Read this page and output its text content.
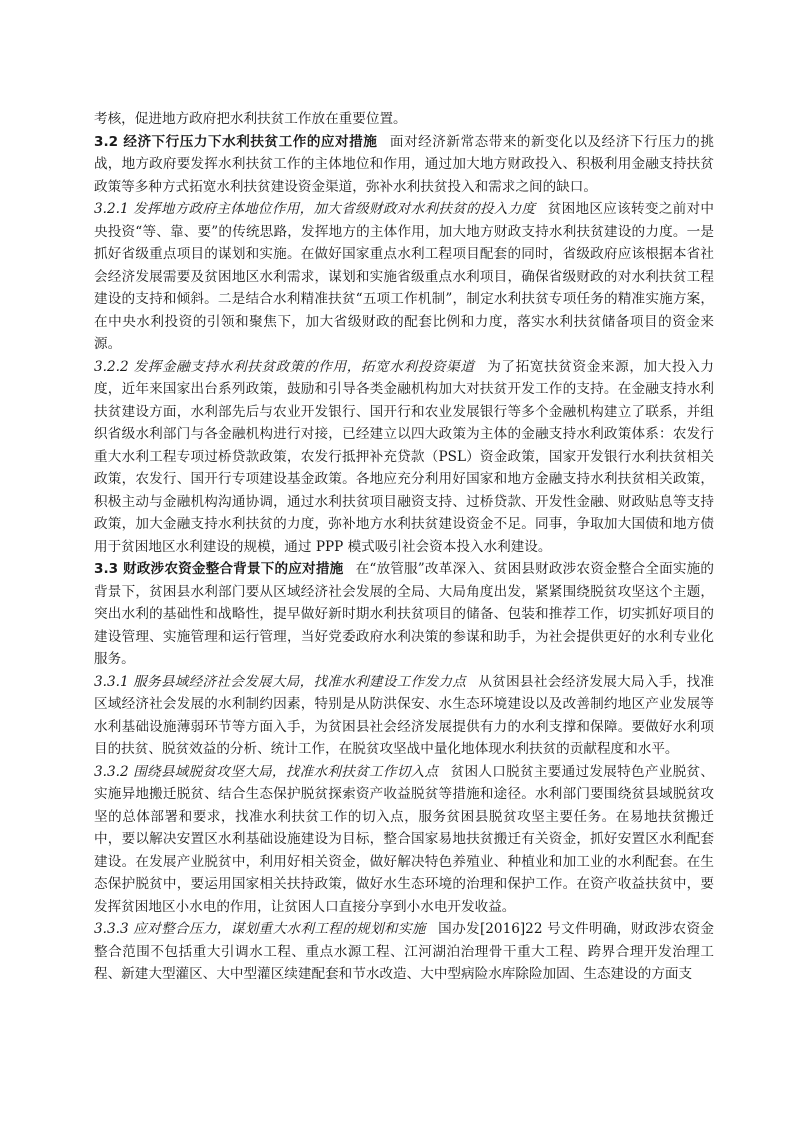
考核，促进地方政府把水利扶贫工作放在重要位置。

3.2 经济下行压力下水利扶贫工作的应对措施 面对经济新常态带来的新变化以及经济下行压力的挑战，地方政府要发挥水利扶贫工作的主体地位和作用，通过加大地方财政投入、积极利用金融支持扶贫政策等多种方式拓宽水利扶贫建设资金渠道，弥补水利扶贫投入和需求之间的缺口。

3.2.1 发挥地方政府主体地位作用，加大省级财政对水利扶贫的投入力度 贫困地区应该转变之前对中央投资“等、靠、要”的传统思路，发挥地方的主体作用，加大地方财政支持水利扶贫建设的力度。一是抓好省级重点项目的谋划和实施。在做好国家重点水利工程项目配套的同时，省级政府应该根据本省社会经济发展需要及贫困地区水利需求，谋划和实施省级重点水利项目，确保省级财政的对水利扶贫工程建设的支持和倾斜。二是结合水利精准扶贫“五项工作机制”，制定水利扶贫专项任务的精准实施方案，在中央水利投资的引领和聚焦下，加大省级财政的配套比例和力度，落实水利扶贫储备项目的资金来源。

3.2.2 发挥金融支持水利扶贫政策的作用，拓宽水利投资渠道 为了拓宽扶贫资金来源，加大投入力度，近年来国家出台系列政策，鼓励和引导各类金融机构加大对扶贫开发工作的支持。在金融支持水利扶贫建设方面，水利部先后与农业开发银行、国开行和农业发展银行等多个金融机构建立了联系，并组织省级水利部门与各金融机构进行对接，已经建立以四大政策为主体的金融支持水利政策体系：农发行重大水利工程专项过桥贷款政策，农发行抵押补充贷款（PSL）资金政策，国家开发银行水利扶贫相关政策，农发行、国开行专项建设基金政策。各地应充分利用好国家和地方金融支持水利扶贫相关政策，积极主动与金融机构沟通协调，通过水利扶贫项目融资支持、过桥贷款、开发性金融、财政贴息等支持政策，加大金融支持水利扶贫的力度，弥补地方水利扶贫建设资金不足。同事，争取加大国债和地方债用于贫困地区水利建设的规模，通过 PPP 模式吸引社会资本投入水利建设。

3.3 财政涉农资金整合背景下的应对措施 在“放管服”改革深入、贫困县财政涉农资金整合全面实施的背景下，贫困县水利部门要从区域经济社会发展的全局、大局角度出发，紧紧围绕脱贫攻坚这个主题，突出水利的基础性和战略性，提早做好新时期水利扶贫项目的储备、包装和推荐工作，切实抓好项目的建设管理、实施管理和运行管理，当好党委政府水利决策的参谋和助手，为社会提供更好的水利专业化服务。

3.3.1 服务县域经济社会发展大局，找准水利建设工作发力点 从贫困县社会经济发展大局入手，找准区域经济社会发展的水利制约因素，特别是从防洪保安、水生态环境建设以及改善制约地区产业发展等水利基础设施薄弱环节等方面入手，为贫困县社会经济发展提供有力的水利支撑和保障。要做好水利项目的扶贫、脱贫效益的分析、统计工作，在脱贫攻坚战中量化地体现水利扶贫的贡献程度和水平。

3.3.2 围绕县域脱贫攻坚大局，找准水利扶贫工作切入点 贫困人口脱贫主要通过发展特色产业脱贫、实施异地搬迁脱贫、结合生态保护脱贫探索资产收益脱贫等措施和途径。水利部门要围绕贫县域脱贫攻坚的总体部署和要求，找准水利扶贫工作的切入点，服务贫困县脱贫攻坚主要任务。在易地扶贫搬迁中，要以解决安置区水利基础设施建设为目标，整合国家易地扶贫搬迁有关资金，抓好安置区水利配套建设。在发展产业脱贫中，利用好相关资金，做好解决特色养殖业、种植业和加工业的水利配套。在生态保护脱贫中，要运用国家相关扶持政策，做好水生态环境的治理和保护工作。在资产收益扶贫中，要发挥贫困地区小水电的作用，让贫困人口直接分享到小水电开发收益。

3.3.3 应对整合压力，谋划重大水利工程的规划和实施 国办发[2016]22 号文件明确，财政涉农资金整合范围不包括重大引调水工程、重点水源工程、江河湖泊治理骨干重大工程、跨界合理开发治理工程、新建大型灌区、大中型灌区续建配套和节水改造、大中型病险水库除险加固、生态建设的方面支
